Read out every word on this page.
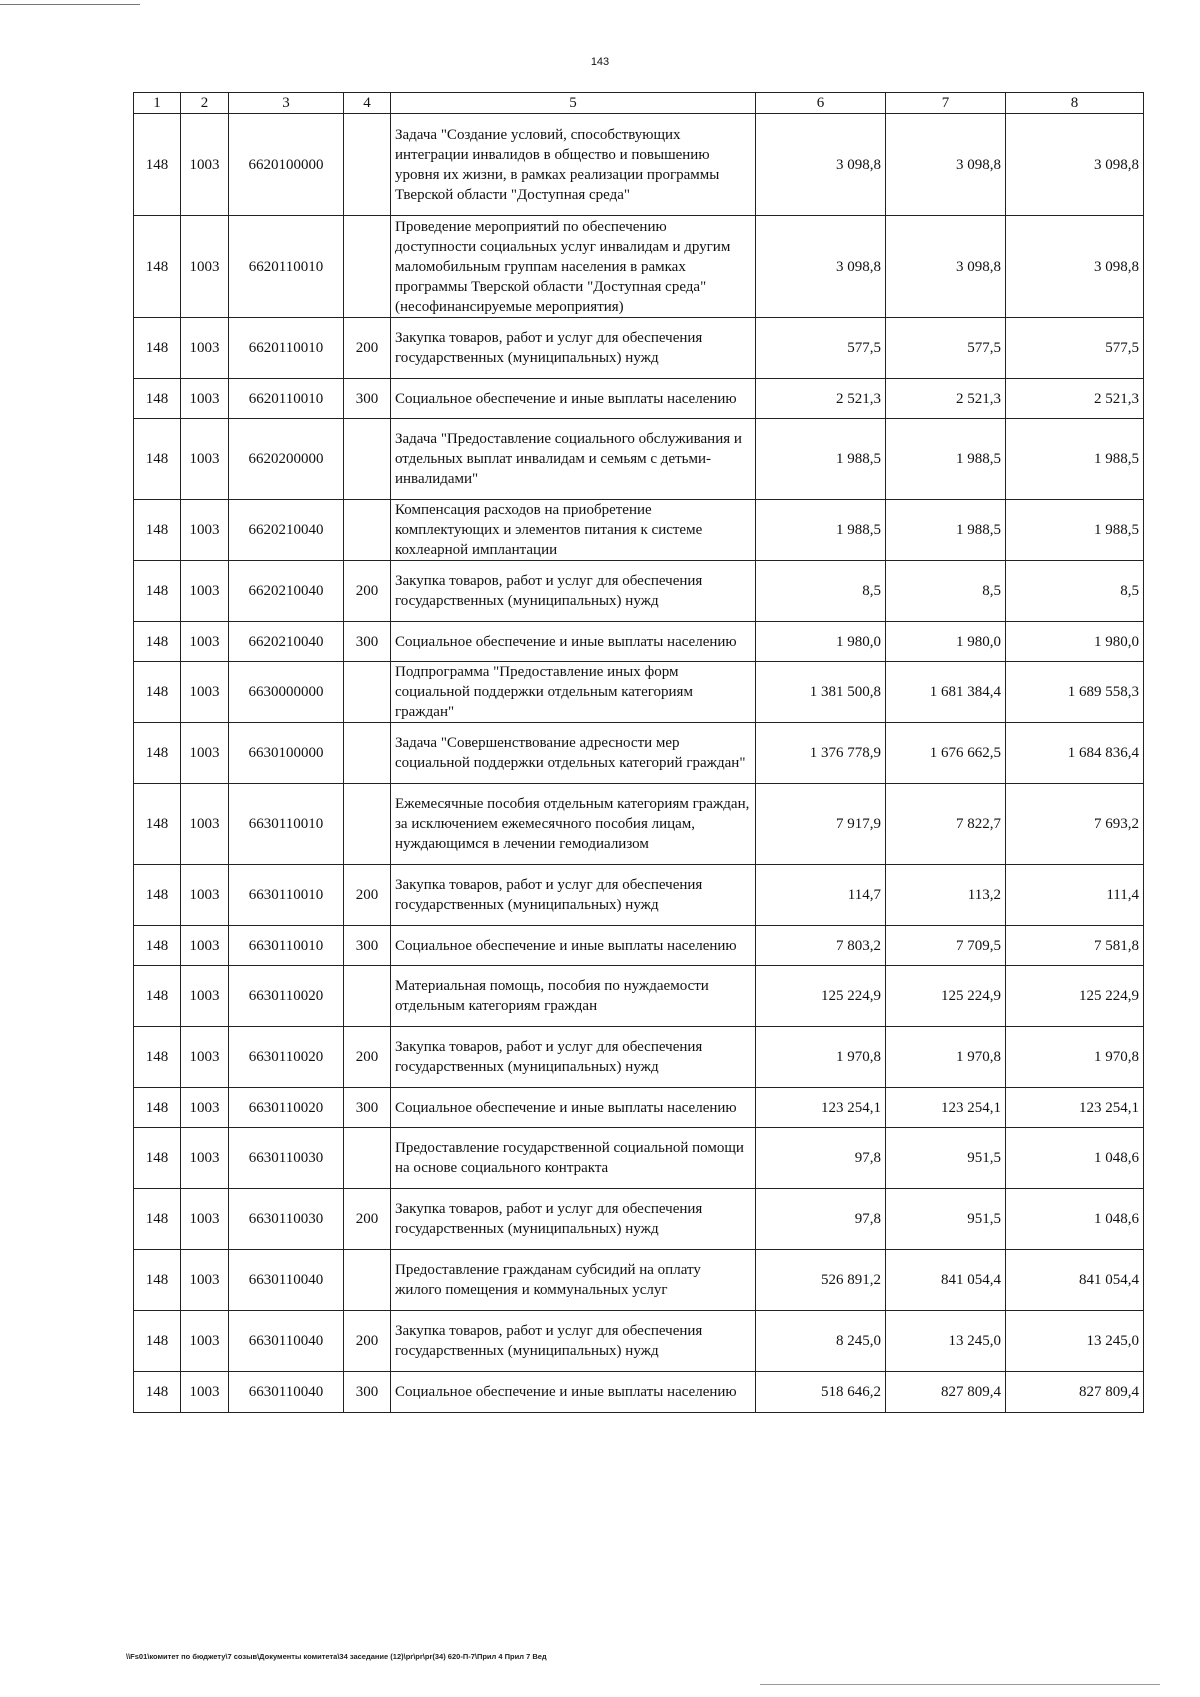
143
1	2	3	4	5	6	7	8
148	1003	6620100000		Задача "Создание условий, способствующих интеграции инвалидов в общество и повышению уровня их жизни, в рамках реализации программы Тверской области "Доступная среда"	3 098,8	3 098,8	3 098,8
148	1003	6620110010		Проведение мероприятий по обеспечению доступности социальных услуг инвалидам и другим маломобильным группам населения в рамках программы Тверской области "Доступная среда" (несофинансируемые мероприятия)	3 098,8	3 098,8	3 098,8
148	1003	6620110010	200	Закупка товаров, работ и услуг для обеспечения государственных (муниципальных) нужд	577,5	577,5	577,5
148	1003	6620110010	300	Социальное обеспечение и иные выплаты населению	2 521,3	2 521,3	2 521,3
148	1003	6620200000		Задача "Предоставление социального обслуживания и отдельных выплат инвалидам и семьям с детьми-инвалидами"	1 988,5	1 988,5	1 988,5
148	1003	6620210040		Компенсация расходов на приобретение комплектующих и элементов питания к системе кохлеарной имплантации	1 988,5	1 988,5	1 988,5
148	1003	6620210040	200	Закупка товаров, работ и услуг для обеспечения государственных (муниципальных) нужд	8,5	8,5	8,5
148	1003	6620210040	300	Социальное обеспечение и иные выплаты населению	1 980,0	1 980,0	1 980,0
148	1003	6630000000		Подпрограмма "Предоставление иных форм социальной поддержки отдельным категориям граждан"	1 381 500,8	1 681 384,4	1 689 558,3
148	1003	6630100000		Задача "Совершенствование адресности мер социальной поддержки отдельных категорий граждан"	1 376 778,9	1 676 662,5	1 684 836,4
148	1003	6630110010		Ежемесячные пособия отдельным категориям граждан, за исключением ежемесячного пособия лицам, нуждающимся в лечении гемодиализом	7 917,9	7 822,7	7 693,2
148	1003	6630110010	200	Закупка товаров, работ и услуг для обеспечения государственных (муниципальных) нужд	114,7	113,2	111,4
148	1003	6630110010	300	Социальное обеспечение и иные выплаты населению	7 803,2	7 709,5	7 581,8
148	1003	6630110020		Материальная помощь, пособия по нуждаемости отдельным категориям граждан	125 224,9	125 224,9	125 224,9
148	1003	6630110020	200	Закупка товаров, работ и услуг для обеспечения государственных (муниципальных) нужд	1 970,8	1 970,8	1 970,8
148	1003	6630110020	300	Социальное обеспечение и иные выплаты населению	123 254,1	123 254,1	123 254,1
148	1003	6630110030		Предоставление государственной социальной помощи на основе социального контракта	97,8	951,5	1 048,6
148	1003	6630110030	200	Закупка товаров, работ и услуг для обеспечения государственных (муниципальных) нужд	97,8	951,5	1 048,6
148	1003	6630110040		Предоставление гражданам субсидий на оплату жилого помещения и коммунальных услуг	526 891,2	841 054,4	841 054,4
148	1003	6630110040	200	Закупка товаров, работ и услуг для обеспечения государственных (муниципальных) нужд	8 245,0	13 245,0	13 245,0
148	1003	6630110040	300	Социальное обеспечение и иные выплаты населению	518 646,2	827 809,4	827 809,4
\\Fs01\комитет по бюджету\7 созыв\Документы комитета\34 заседание (12)\pr\pr\pr(34) 620-П-7\Прил 4 Прил 7 Вед
